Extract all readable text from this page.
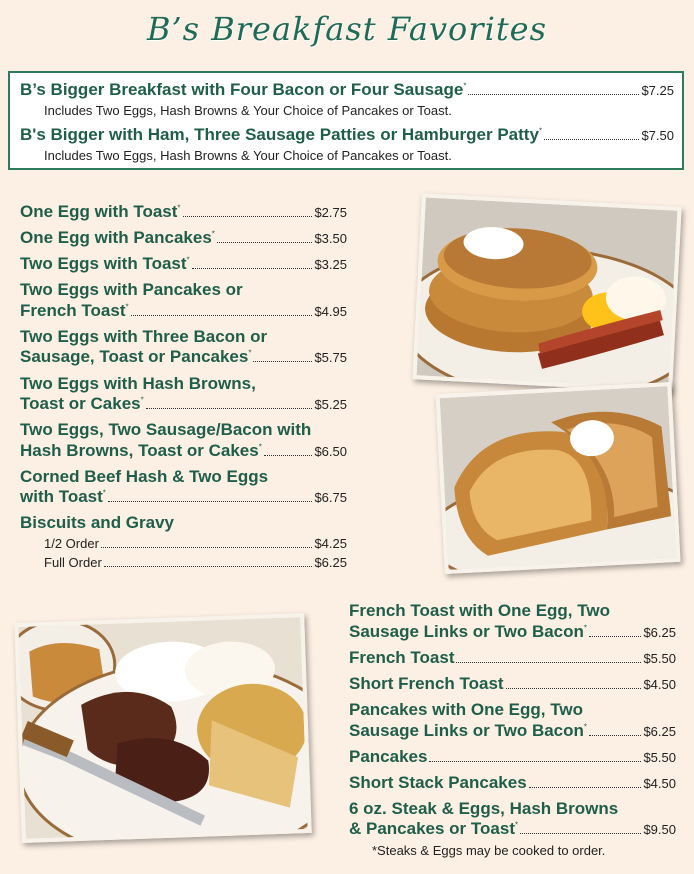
B’s Breakfast Favorites
B’s Bigger Breakfast with Four Bacon or Four Sausage*	$7.25
Includes Two Eggs, Hash Browns & Your Choice of Pancakes or Toast.
B's Bigger with Ham, Three Sausage Patties or Hamburger Patty*	$7.50
Includes Two Eggs, Hash Browns & Your Choice of Pancakes or Toast.
One Egg with Toast*	$2.75
One Egg with Pancakes*	$3.50
Two Eggs with Toast*	$3.25
Two Eggs with Pancakes or
French Toast*	$4.95
Two Eggs with Three Bacon or
Sausage, Toast or Pancakes*	$5.75
Two Eggs with Hash Browns,
Toast or Cakes*	$5.25
Two Eggs, Two Sausage/Bacon with
Hash Browns, Toast or Cakes*	$6.50
Corned Beef Hash & Two Eggs
with Toast*	$6.75
Biscuits and Gravy
1/2 Order	$4.25
Full Order	$6.25
French Toast with One Egg, Two
Sausage Links or Two Bacon*	$6.25
French Toast	$5.50
Short French Toast	$4.50
Pancakes with One Egg, Two
Sausage Links or Two Bacon*	$6.25
Pancakes	$5.50
Short Stack Pancakes	$4.50
6 oz. Steak & Eggs, Hash Browns
& Pancakes or Toast*	$9.50
*Steaks & Eggs may be cooked to order.
